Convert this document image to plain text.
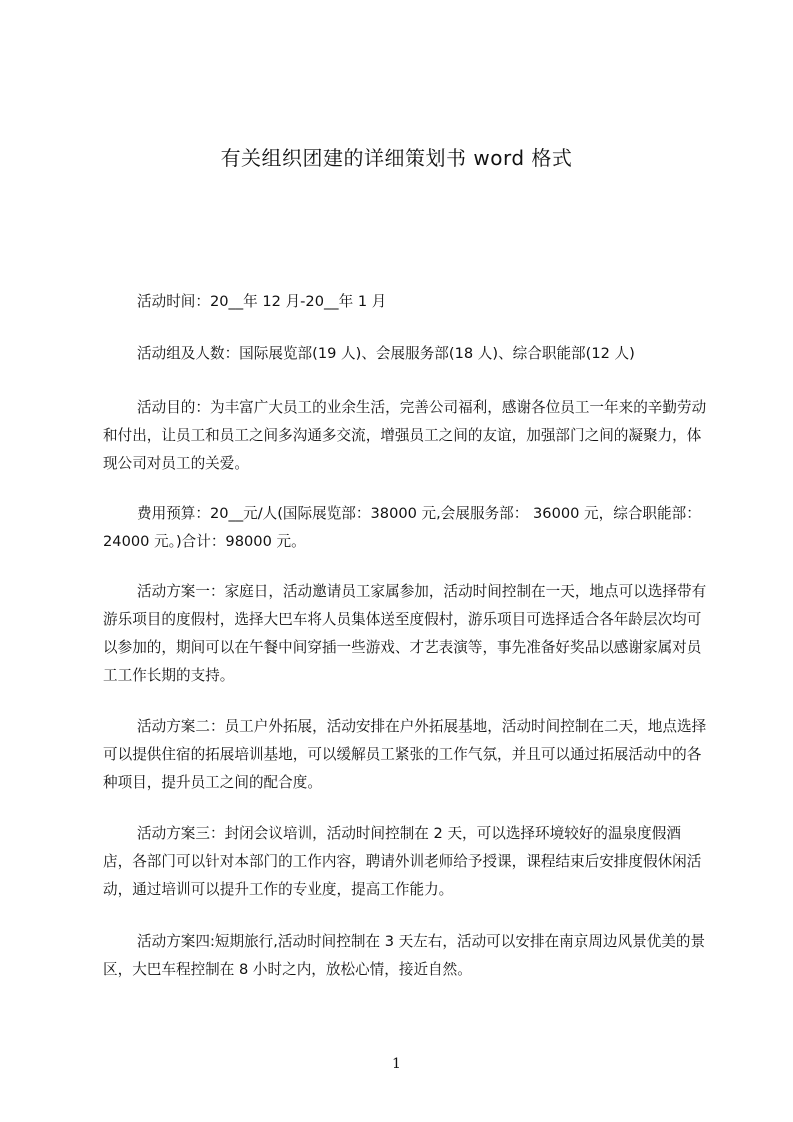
有关组织团建的详细策划书 word 格式

活动时间：20__年 12 月-20__年 1 月

活动组及人数：国际展览部(19 人)、会展服务部(18 人)、综合职能部(12 人)

活动目的：为丰富广大员工的业余生活，完善公司福利，感谢各位员工一年来的辛勤劳动和付出，让员工和员工之间多沟通多交流，增强员工之间的友谊，加强部门之间的凝聚力，体现公司对员工的关爱。

费用预算：20__元/人(国际展览部：38000 元,会展服务部： 36000 元，综合职能部：24000 元。)合计：98000 元。

活动方案一：家庭日，活动邀请员工家属参加，活动时间控制在一天，地点可以选择带有游乐项目的度假村，选择大巴车将人员集体送至度假村，游乐项目可选择适合各年龄层次均可以参加的，期间可以在午餐中间穿插一些游戏、才艺表演等，事先准备好奖品以感谢家属对员工工作长期的支持。

活动方案二：员工户外拓展，活动安排在户外拓展基地，活动时间控制在二天，地点选择可以提供住宿的拓展培训基地，可以缓解员工紧张的工作气氛，并且可以通过拓展活动中的各种项目，提升员工之间的配合度。

活动方案三：封闭会议培训，活动时间控制在 2 天，可以选择环境较好的温泉度假酒店，各部门可以针对本部门的工作内容，聘请外训老师给予授课，课程结束后安排度假休闲活动，通过培训可以提升工作的专业度，提高工作能力。

活动方案四:短期旅行,活动时间控制在 3 天左右，活动可以安排在南京周边风景优美的景区，大巴车程控制在 8 小时之内，放松心情，接近自然。

1
